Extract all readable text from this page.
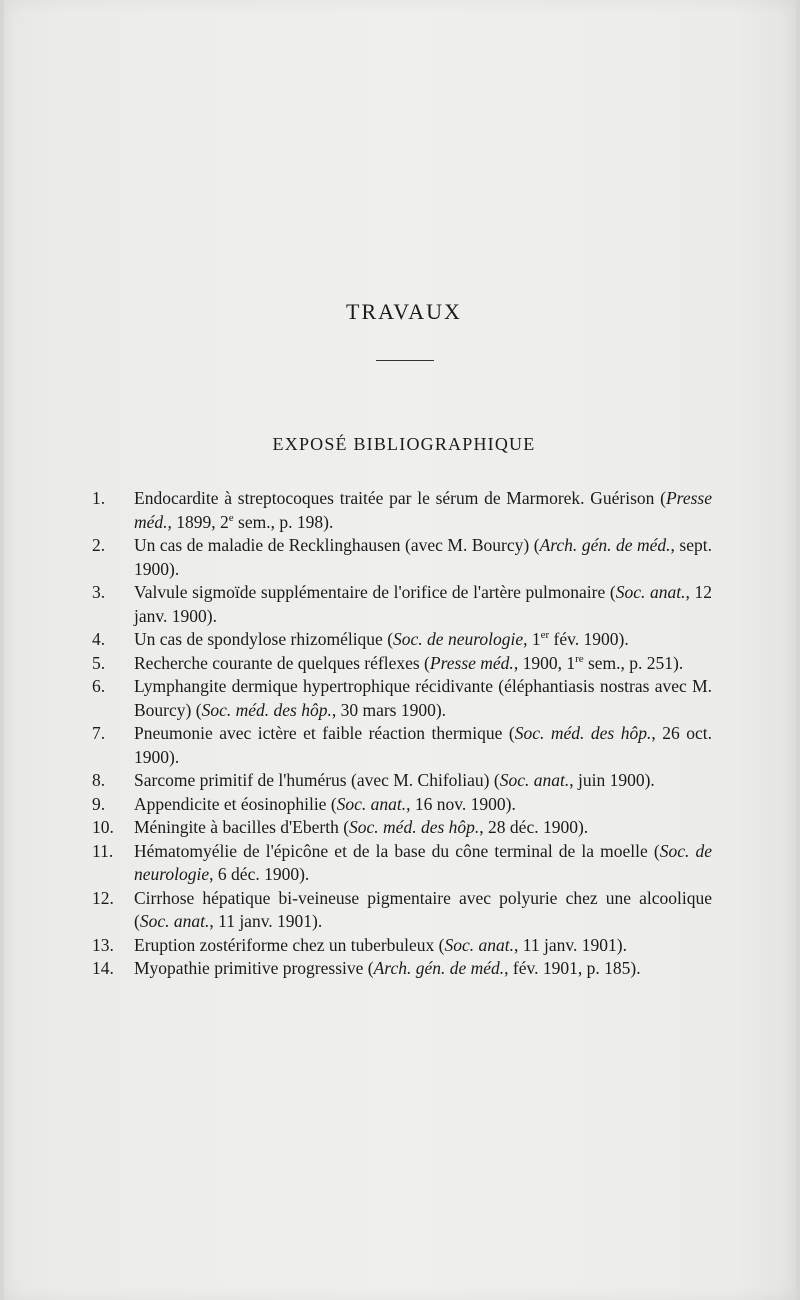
TRAVAUX
EXPOSÉ BIBLIOGRAPHIQUE
1.	Endocardite à streptocoques traitée par le sérum de Marmorek. Guérison (Presse méd., 1899, 2e sem., p. 198).
2.	Un cas de maladie de Recklinghausen (avec M. Bourcy) (Arch. gén. de méd., sept. 1900).
3.	Valvule sigmoïde supplémentaire de l'orifice de l'artère pulmonaire (Soc. anat., 12 janv. 1900).
4.	Un cas de spondylose rhizomélique (Soc. de neurologie, 1er fév. 1900).
5.	Recherche courante de quelques réflexes (Presse méd., 1900, 1re sem., p. 251).
6.	Lymphangite dermique hypertrophique récidivante (éléphantiasis nostras avec M. Bourcy) (Soc. méd. des hôp., 30 mars 1900).
7.	Pneumonie avec ictère et faible réaction thermique (Soc. méd. des hôp., 26 oct. 1900).
8.	Sarcome primitif de l'humérus (avec M. Chifoliau) (Soc. anat., juin 1900).
9.	Appendicite et éosinophilie (Soc. anat., 16 nov. 1900).
10.	Méningite à bacilles d'Eberth (Soc. méd. des hôp., 28 déc. 1900).
11.	Hématomyélie de l'épicône et de la base du cône terminal de la moelle (Soc. de neurologie, 6 déc. 1900).
12.	Cirrhose hépatique bi-veineuse pigmentaire avec polyurie chez une alcoolique (Soc. anat., 11 janv. 1901).
13.	Eruption zostériforme chez un tuberbuleux (Soc. anat., 11 janv. 1901).
14.	Myopathie primitive progressive (Arch. gén. de méd., fév. 1901, p. 185).
